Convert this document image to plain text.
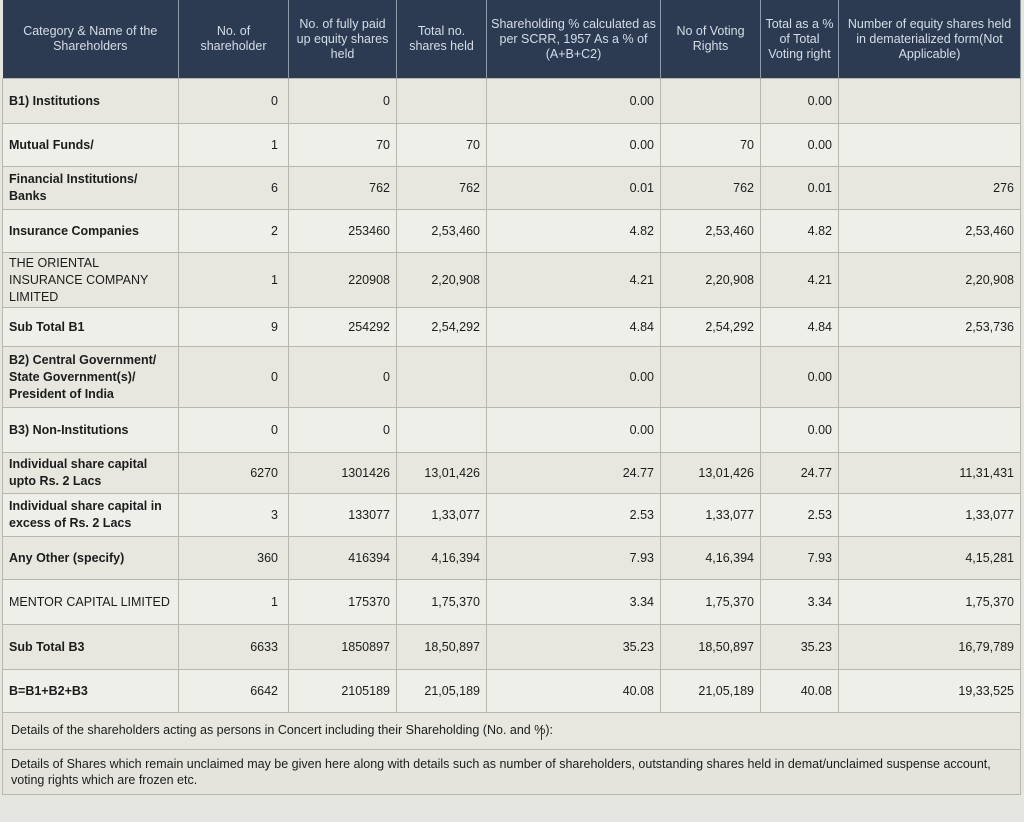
Category & Name of the Shareholders	No. of shareholder	No. of fully paid up equity shares held	Total no. shares held	Shareholding % calculated as per SCRR, 1957 As a % of (A+B+C2)	No of Voting Rights	Total as a % of Total Voting right	Number of equity shares held in dematerialized form(Not Applicable)
B1) Institutions	0	0		0.00		0.00	
Mutual Funds/	1	70	70	0.00	70	0.00	
Financial Institutions/ Banks	6	762	762	0.01	762	0.01	276
Insurance Companies	2	253460	2,53,460	4.82	2,53,460	4.82	2,53,460
THE ORIENTAL INSURANCE COMPANY LIMITED	1	220908	2,20,908	4.21	2,20,908	4.21	2,20,908
Sub Total B1	9	254292	2,54,292	4.84	2,54,292	4.84	2,53,736
B2) Central Government/ State Government(s)/ President of India	0	0		0.00		0.00	
B3) Non-Institutions	0	0		0.00		0.00	
Individual share capital upto Rs. 2 Lacs	6270	1301426	13,01,426	24.77	13,01,426	24.77	11,31,431
Individual share capital in excess of Rs. 2 Lacs	3	133077	1,33,077	2.53	1,33,077	2.53	1,33,077
Any Other (specify)	360	416394	4,16,394	7.93	4,16,394	7.93	4,15,281
MENTOR CAPITAL LIMITED	1	175370	1,75,370	3.34	1,75,370	3.34	1,75,370
Sub Total B3	6633	1850897	18,50,897	35.23	18,50,897	35.23	16,79,789
B=B1+B2+B3	6642	2105189	21,05,189	40.08	21,05,189	40.08	19,33,525
Details of the shareholders acting as persons in Concert including their Shareholding (No. and %):							
Details of Shares which remain unclaimed may be given here along with details such as number of shareholders, outstanding shares held in demat/unclaimed suspense account, voting rights which are frozen etc.							
